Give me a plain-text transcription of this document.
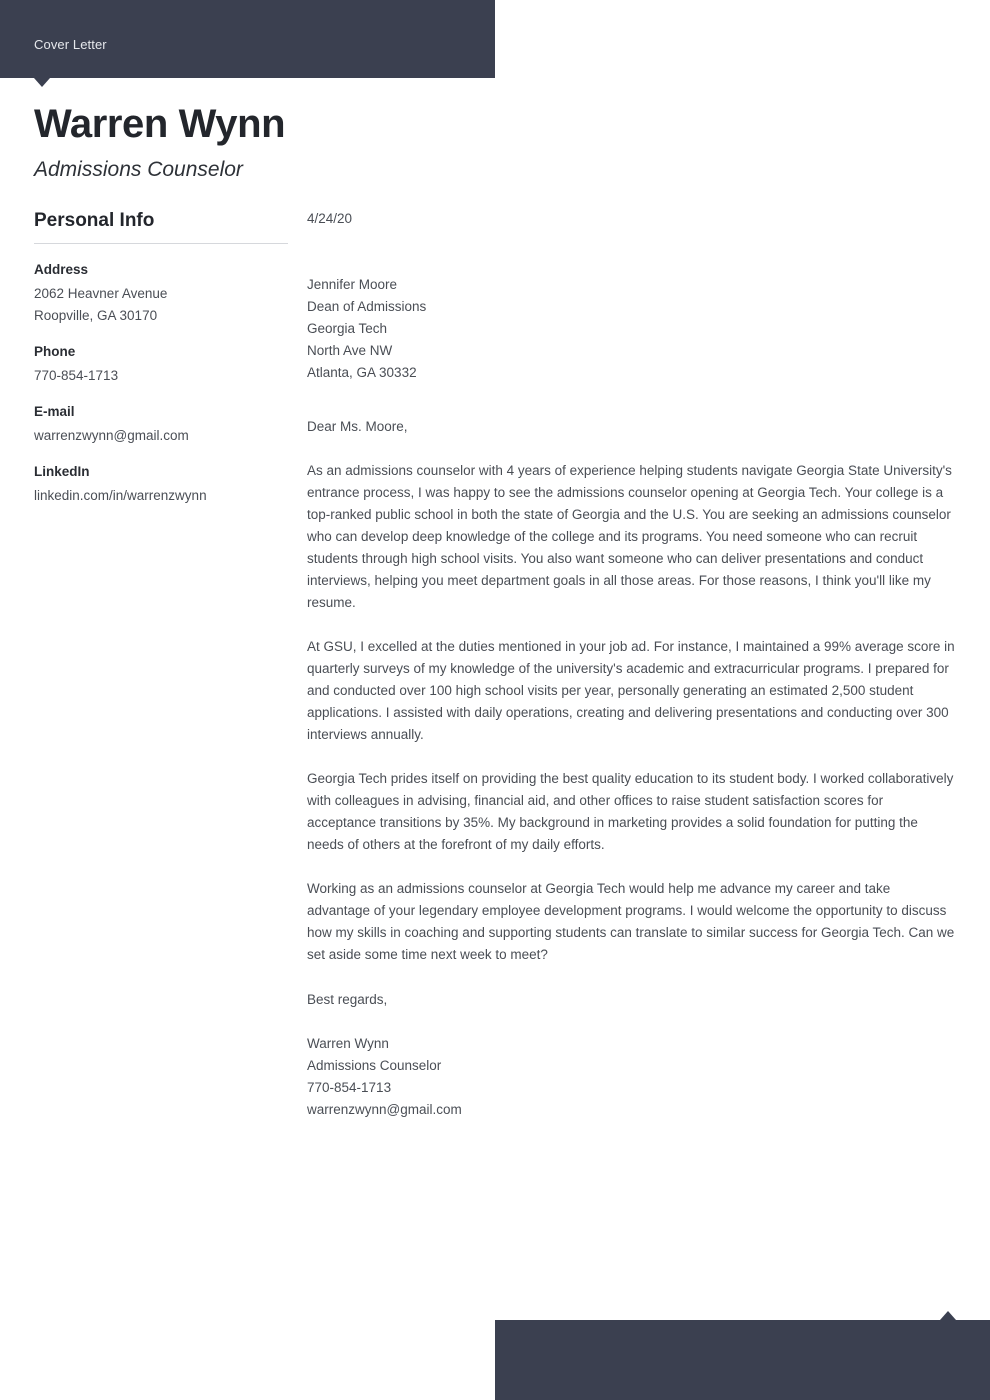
Cover Letter
Warren Wynn
Admissions Counselor
Personal Info
Address
2062 Heavner Avenue
Roopville, GA 30170
Phone
770-854-1713
E-mail
warrenzwynn@gmail.com
LinkedIn
linkedin.com/in/warrenzwynn
4/24/20
Jennifer Moore
Dean of Admissions
Georgia Tech
North Ave NW
Atlanta, GA 30332
Dear Ms. Moore,
As an admissions counselor with 4 years of experience helping students navigate Georgia State University's entrance process, I was happy to see the admissions counselor opening at Georgia Tech. Your college is a top-ranked public school in both the state of Georgia and the U.S. You are seeking an admissions counselor who can develop deep knowledge of the college and its programs. You need someone who can recruit students through high school visits. You also want someone who can deliver presentations and conduct interviews, helping you meet department goals in all those areas. For those reasons, I think you'll like my resume.
At GSU, I excelled at the duties mentioned in your job ad. For instance, I maintained a 99% average score in quarterly surveys of my knowledge of the university's academic and extracurricular programs. I prepared for and conducted over 100 high school visits per year, personally generating an estimated 2,500 student applications. I assisted with daily operations, creating and delivering presentations and conducting over 300 interviews annually.
Georgia Tech prides itself on providing the best quality education to its student body. I worked collaboratively with colleagues in advising, financial aid, and other offices to raise student satisfaction scores for acceptance transitions by 35%. My background in marketing provides a solid foundation for putting the needs of others at the forefront of my daily efforts.
Working as an admissions counselor at Georgia Tech would help me advance my career and take advantage of your legendary employee development programs. I would welcome the opportunity to discuss how my skills in coaching and supporting students can translate to similar success for Georgia Tech. Can we set aside some time next week to meet?
Best regards,
Warren Wynn
Admissions Counselor
770-854-1713
warrenzwynn@gmail.com
